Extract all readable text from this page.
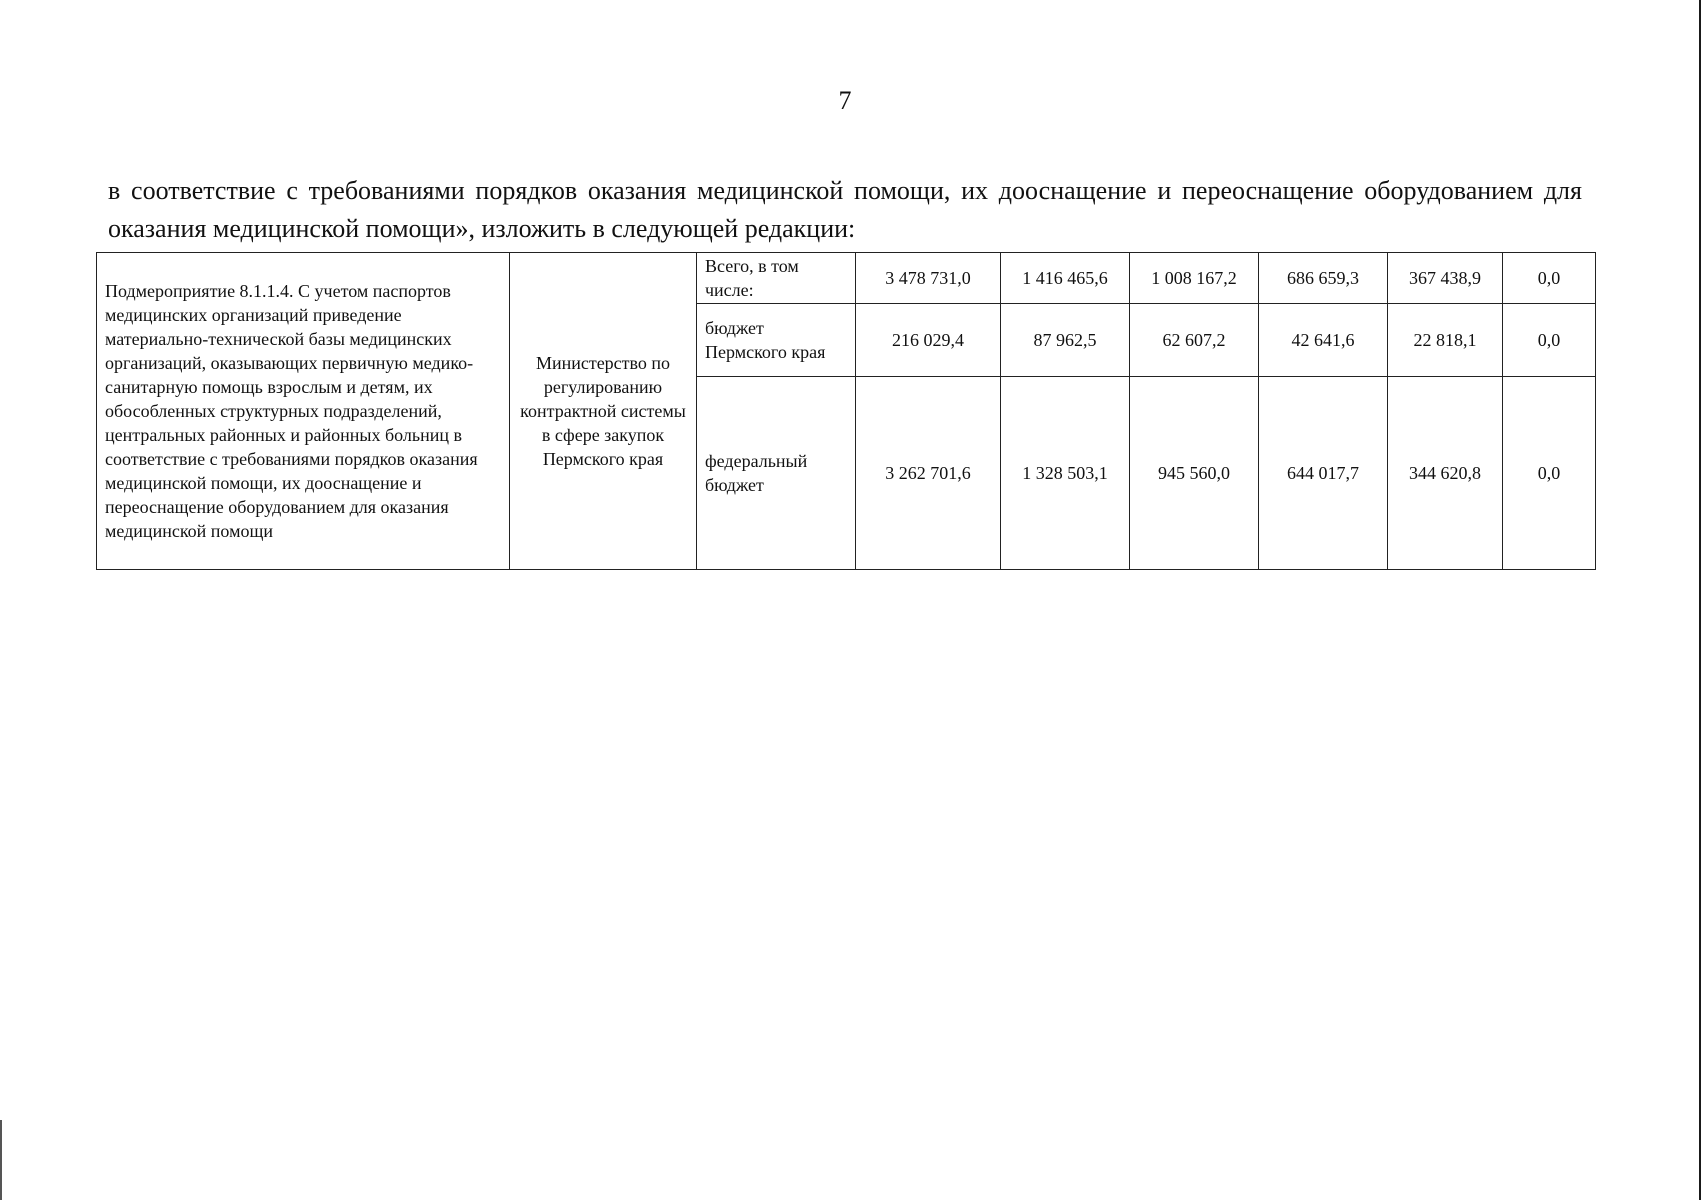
7
в соответствие с требованиями порядков оказания медицинской помощи, их дооснащение и переоснащение оборудованием для оказания медицинской помощи», изложить в следующей редакции:
Подмероприятие 8.1.1.4. С учетом паспортов медицинских организаций приведение материально-технической базы медицинских организаций, оказывающих первичную медико-санитарную помощь взрослым и детям, их обособленных структурных подразделений, центральных районных и районных больниц в соответствие с требованиями порядков оказания медицинской помощи, их дооснащение и переоснащение оборудованием для оказания медицинской помощи	Министерство по регулированию контрактной системы в сфере закупок Пермского края	Всего, в том числе:	3 478 731,0	1 416 465,6	1 008 167,2	686 659,3	367 438,9	0,0
		бюджет Пермского края	216 029,4	87 962,5	62 607,2	42 641,6	22 818,1	0,0
		федеральный бюджет	3 262 701,6	1 328 503,1	945 560,0	644 017,7	344 620,8	0,0
